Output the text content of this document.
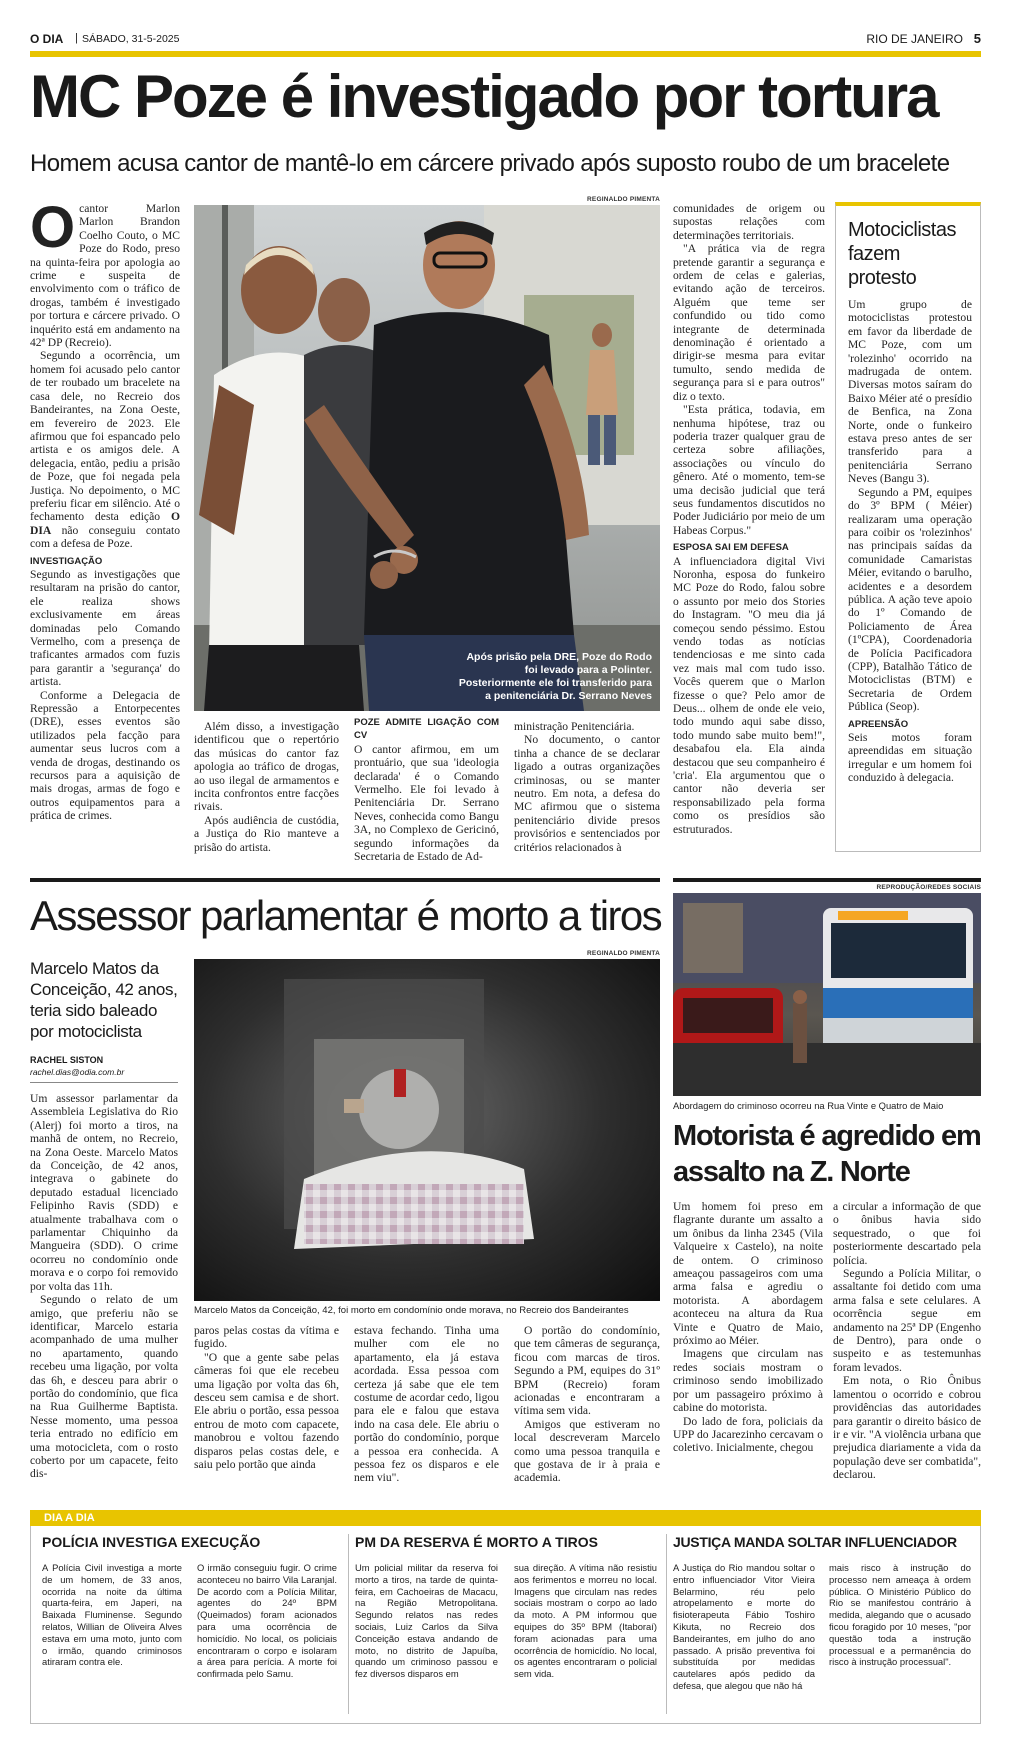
O DIA | SÁBADO, 31-5-2025	RIO DE JANEIRO 5
MC Poze é investigado por tortura
Homem acusa cantor de mantê-lo em cárcere privado após suposto roubo de um bracelete
O cantor Marlon Marlon Brandon Coelho Couto, o MC Poze do Rodo, preso na quinta-feira por apologia ao crime e suspeita de envolvimento com o tráfico de drogas, também é investigado por tortura e cárcere privado. O inquérito está em andamento na 42ª DP (Recreio).

Segundo a ocorrência, um homem foi acusado pelo cantor de ter roubado um bracelete na casa dele, no Recreio dos Bandeirantes, na Zona Oeste, em fevereiro de 2023. Ele afirmou que foi espancado pelo artista e os amigos dele. A delegacia, então, pediu a prisão de Poze, que foi negada pela Justiça. No depoimento, o MC preferiu ficar em silêncio. Até o fechamento desta edição O DIA não conseguiu contato com a defesa de Poze.

INVESTIGAÇÃO

Segundo as investigações que resultaram na prisão do cantor, ele realiza shows exclusivamente em áreas dominadas pelo Comando Vermelho, com a presença de traficantes armados com fuzis para garantir a 'segurança' do artista.

Conforme a Delegacia de Repressão a Entorpecentes (DRE), esses eventos são utilizados pela facção para aumentar seus lucros com a venda de drogas, destinando os recursos para a aquisição de mais drogas, armas de fogo e outros equipamentos para a prática de crimes.

REGINALDO PIMENTA
Após prisão pela DRE, Poze do Rodo foi levado para a Polinter. Posteriormente ele foi transferido para a penitenciária Dr. Serrano Neves

Além disso, a investigação identificou que o repertório das músicas do cantor faz apologia ao tráfico de drogas, ao uso ilegal de armamentos e incita confrontos entre facções rivais.

Após audiência de custódia, a Justiça do Rio manteve a prisão do artista.

POZE ADMITE LIGAÇÃO COM CV

O cantor afirmou, em um prontuário, que sua 'ideologia declarada' é o Comando Vermelho. Ele foi levado à Penitenciária Dr. Serrano Neves, conhecida como Bangu 3A, no Complexo de Gericinó, segundo informações da Secretaria de Estado de Ad-

ministração Penitenciária.

No documento, o cantor tinha a chance de se declarar ligado a outras organizações criminosas, ou se manter neutro. Em nota, a defesa do MC afirmou que o sistema penitenciário divide presos provisórios e sentenciados por critérios relacionados à

comunidades de origem ou supostas relações com determinações territoriais.

"A prática via de regra pretende garantir a segurança e ordem de celas e galerias, evitando ação de terceiros. Alguém que teme ser confundido ou tido como integrante de determinada denominação é orientado a dirigir-se mesma para evitar tumulto, sendo medida de segurança para si e para outros" diz o texto.

"Esta prática, todavia, em nenhuma hipótese, traz ou poderia trazer qualquer grau de certeza sobre afiliações, associações ou vínculo do gênero. Até o momento, tem-se uma decisão judicial que terá seus fundamentos discutidos no Poder Judiciário por meio de um Habeas Corpus."

ESPOSA SAI EM DEFESA

A influenciadora digital Vivi Noronha, esposa do funkeiro MC Poze do Rodo, falou sobre o assunto por meio dos Stories do Instagram. "O meu dia já começou sendo péssimo. Estou vendo todas as notícias tendenciosas e me sinto cada vez mais mal com tudo isso. Vocês querem que o Marlon fizesse o que? Pelo amor de Deus... olhem de onde ele veio, todo mundo aqui sabe disso, todo mundo sabe muito bem!", desabafou ela. Ela ainda destacou que seu companheiro é 'cria'. Ela argumentou que o cantor não deveria ser responsabilizado pela forma como os presídios são estruturados.

Motociclistas fazem protesto

Um grupo de motociclistas protestou em favor da liberdade de MC Poze, com um 'rolezinho' ocorrido na madrugada de ontem. Diversas motos saíram do Baixo Méier até o presídio de Benfica, na Zona Norte, onde o funkeiro estava preso antes de ser transferido para a penitenciária Serrano Neves (Bangu 3).

Segundo a PM, equipes do 3º BPM ( Méier) realizaram uma operação para coibir os 'rolezinhos' nas principais saídas da comunidade Camaristas Méier, evitando o barulho, acidentes e a desordem pública. A ação teve apoio do 1º Comando de Policiamento de Área (1ºCPA), Coordenadoria de Polícia Pacificadora (CPP), Batalhão Tático de Motociclistas (BTM) e Secretaria de Ordem Pública (Seop).

APREENSÃO

Seis motos foram apreendidas em situação irregular e um homem foi conduzido à delegacia.

Assessor parlamentar é morto a tiros
Marcelo Matos da Conceição, 42 anos, teria sido baleado por motociclista
RACHEL SISTON
rachel.dias@odia.com.br

Um assessor parlamentar da Assembleia Legislativa do Rio (Alerj) foi morto a tiros, na manhã de ontem, no Recreio, na Zona Oeste. Marcelo Matos da Conceição, de 42 anos, integrava o gabinete do deputado estadual licenciado Felipinho Ravis (SDD) e atualmente trabalhava com o parlamentar Chiquinho da Mangueira (SDD). O crime ocorreu no condomínio onde morava e o corpo foi removido por volta das 11h.

Segundo o relato de um amigo, que preferiu não se identificar, Marcelo estaria acompanhado de uma mulher no apartamento, quando recebeu uma ligação, por volta das 6h, e desceu para abrir o portão do condomínio, que fica na Rua Guilherme Baptista. Nesse momento, uma pessoa teria entrado no edifício em uma motocicleta, com o rosto coberto por um capacete, feito dis-

REGINALDO PIMENTA
Marcelo Matos da Conceição, 42, foi morto em condomínio onde morava, no Recreio dos Bandeirantes

paros pelas costas da vítima e fugido.

"O que a gente sabe pelas câmeras foi que ele recebeu uma ligação por volta das 6h, desceu sem camisa e de short. Ele abriu o portão, essa pessoa entrou de moto com capacete, manobrou e voltou fazendo disparos pelas costas dele, e saiu pelo portão que ainda

estava fechando. Tinha uma mulher com ele no apartamento, ela já estava acordada. Essa pessoa com certeza já sabe que ele tem costume de acordar cedo, ligou para ele e falou que estava indo na casa dele. Ele abriu o portão do condomínio, porque a pessoa era conhecida. A pessoa fez os disparos e ele nem viu".

O portão do condomínio, que tem câmeras de segurança, ficou com marcas de tiros. Segundo a PM, equipes do 31º BPM (Recreio) foram acionadas e encontraram a vítima sem vida.

Amigos que estiveram no local descreveram Marcelo como uma pessoa tranquila e que gostava de ir à praia e academia.

REPRODUÇÃO/REDES SOCIAIS
Abordagem do criminoso ocorreu na Rua Vinte e Quatro de Maio
Motorista é agredido em assalto na Z. Norte

Um homem foi preso em flagrante durante um assalto a um ônibus da linha 2345 (Vila Valqueire x Castelo), na noite de ontem. O criminoso ameaçou passageiros com uma arma falsa e agrediu o motorista. A abordagem aconteceu na altura da Rua Vinte e Quatro de Maio, próximo ao Méier.

Imagens que circulam nas redes sociais mostram o criminoso sendo imobilizado por um passageiro próximo à cabine do motorista.

Do lado de fora, policiais da UPP do Jacarezinho cercavam o coletivo. Inicialmente, chegou

a circular a informação de que o ônibus havia sido sequestrado, o que foi posteriormente descartado pela polícia.

Segundo a Polícia Militar, o assaltante foi detido com uma arma falsa e sete celulares. A ocorrência segue em andamento na 25ª DP (Engenho de Dentro), para onde o suspeito e as testemunhas foram levados.

Em nota, o Rio Ônibus lamentou o ocorrido e cobrou providências das autoridades para garantir o direito básico de ir e vir. "A violência urbana que prejudica diariamente a vida da população deve ser combatida", declarou.

DIA A DIA
POLÍCIA INVESTIGA EXECUÇÃO
A Polícia Civil investiga a morte de um homem, de 33 anos, ocorrida na noite da última quarta-feira, em Japeri, na Baixada Fluminense. Segundo relatos, Willian de Oliveira Alves estava em uma moto, junto com o irmão, quando criminosos atiraram contra ele.
O irmão conseguiu fugir. O crime aconteceu no bairro Vila Laranjal. De acordo com a Polícia Militar, agentes do 24º BPM (Queimados) foram acionados para uma ocorrência de homicídio. No local, os policiais encontraram o corpo e isolaram a área para perícia. A morte foi confirmada pelo Samu.
PM DA RESERVA É MORTO A TIROS
Um policial militar da reserva foi morto a tiros, na tarde de quinta-feira, em Cachoeiras de Macacu, na Região Metropolitana. Segundo relatos nas redes sociais, Luiz Carlos da Silva Conceição estava andando de moto, no distrito de Japuíba, quando um criminoso passou e fez diversos disparos em
sua direção. A vítima não resistiu aos ferimentos e morreu no local. Imagens que circulam nas redes sociais mostram o corpo ao lado da moto. A PM informou que equipes do 35º BPM (Itaboraí) foram acionadas para uma ocorrência de homicídio. No local, os agentes encontraram o policial sem vida.
JUSTIÇA MANDA SOLTAR INFLUENCIADOR
A Justiça do Rio mandou soltar o entro influenciador Vitor Vieira Belarmino, réu pelo atropelamento e morte do fisioterapeuta Fábio Toshiro Kikuta, no Recreio dos Bandeirantes, em julho do ano passado. A prisão preventiva foi substituída por medidas cautelares após pedido da defesa, que alegou que não há
mais risco à instrução do processo nem ameaça à ordem pública. O Ministério Público do Rio se manifestou contrário à medida, alegando que o acusado ficou foragido por 10 meses, "por questão toda a instrução processual e a permanência do risco à instrução processual".
